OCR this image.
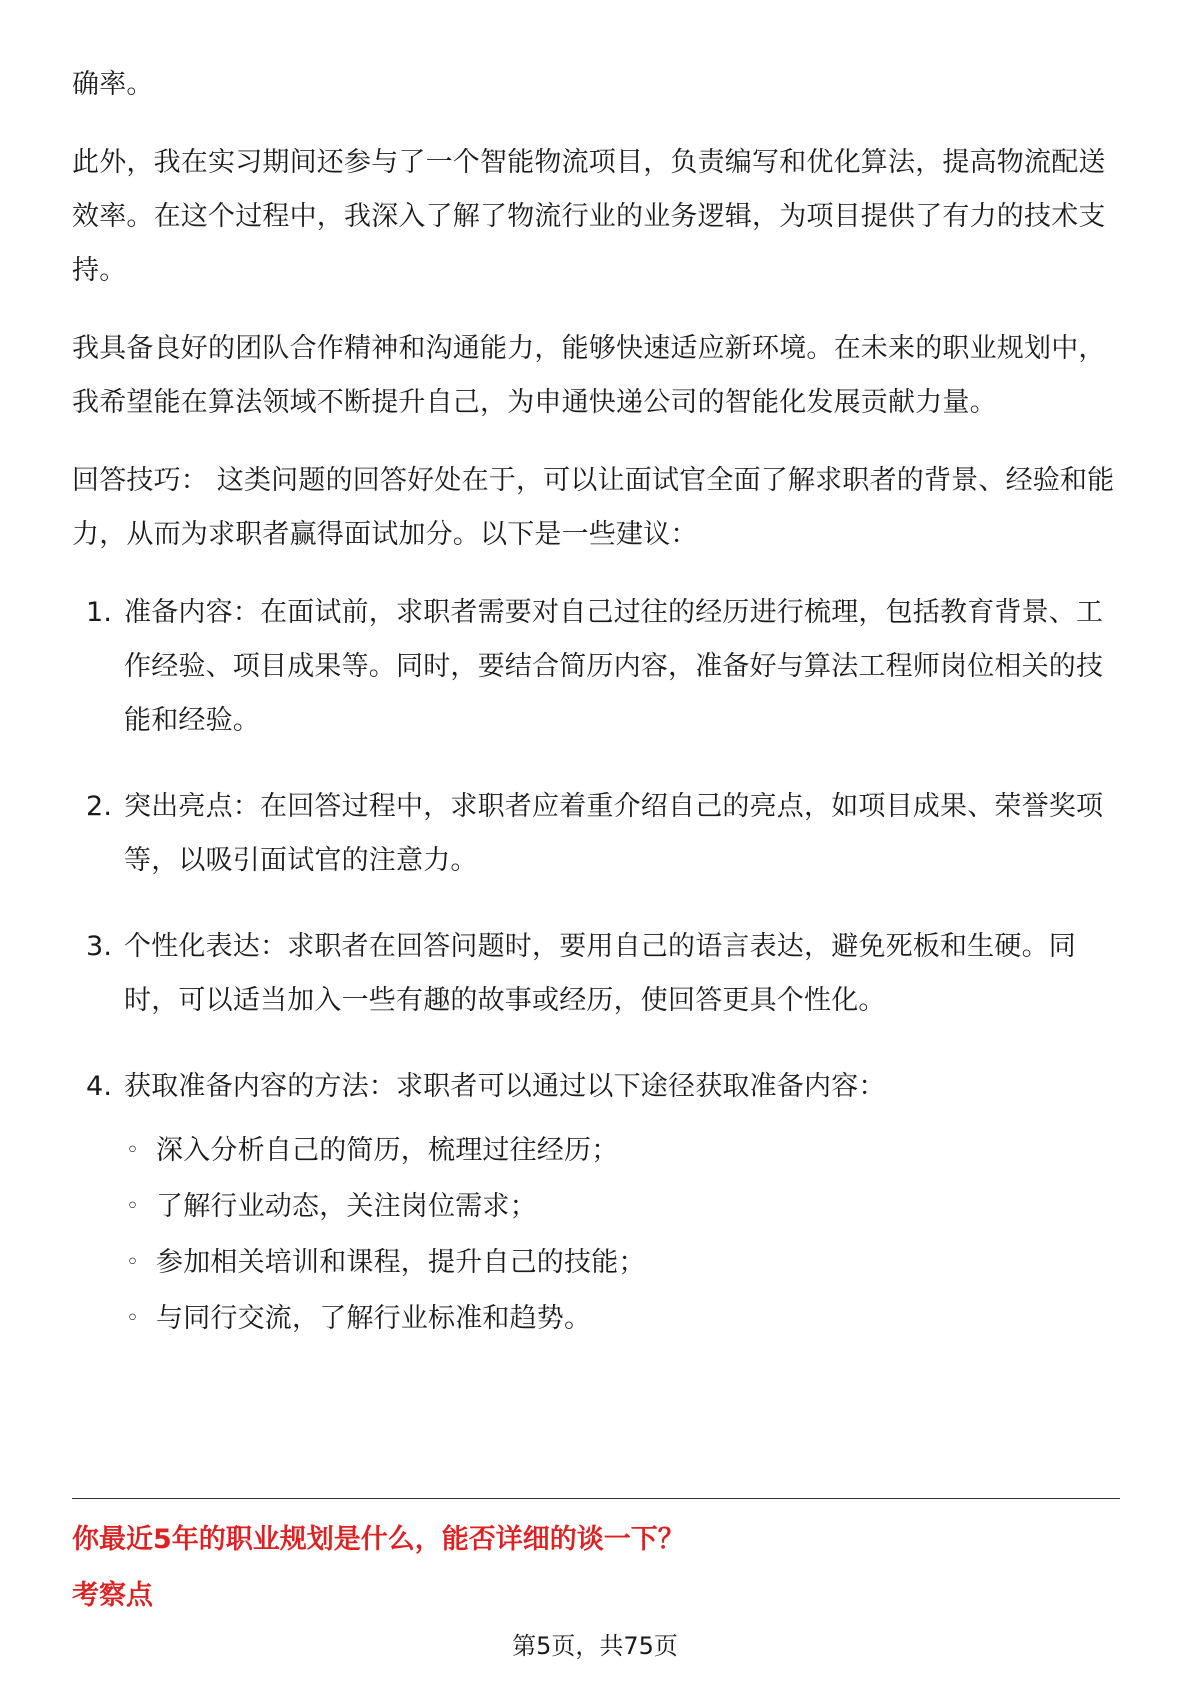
确率。

此外，我在实习期间还参与了一个智能物流项目，负责编写和优化算法，提高物流配送效率。在这个过程中，我深入了解了物流行业的业务逻辑，为项目提供了有力的技术支持。

我具备良好的团队合作精神和沟通能力，能够快速适应新环境。在未来的职业规划中，我希望能在算法领域不断提升自己，为申通快递公司的智能化发展贡献力量。

回答技巧： 这类问题的回答好处在于，可以让面试官全面了解求职者的背景、经验和能力，从而为求职者赢得面试加分。以下是一些建议：

1. 准备内容：在面试前，求职者需要对自己过往的经历进行梳理，包括教育背景、工作经验、项目成果等。同时，要结合简历内容，准备好与算法工程师岗位相关的技能和经验。
2. 突出亮点：在回答过程中，求职者应着重介绍自己的亮点，如项目成果、荣誉奖项等，以吸引面试官的注意力。
3. 个性化表达：求职者在回答问题时，要用自己的语言表达，避免死板和生硬。同时，可以适当加入一些有趣的故事或经历，使回答更具个性化。
4. 获取准备内容的方法：求职者可以通过以下途径获取准备内容：
◦ 深入分析自己的简历，梳理过往经历；
◦ 了解行业动态，关注岗位需求；
◦ 参加相关培训和课程，提升自己的技能；
◦ 与同行交流，了解行业标准和趋势。
你最近5年的职业规划是什么，能否详细的谈一下？
考察点
第5页，共75页
